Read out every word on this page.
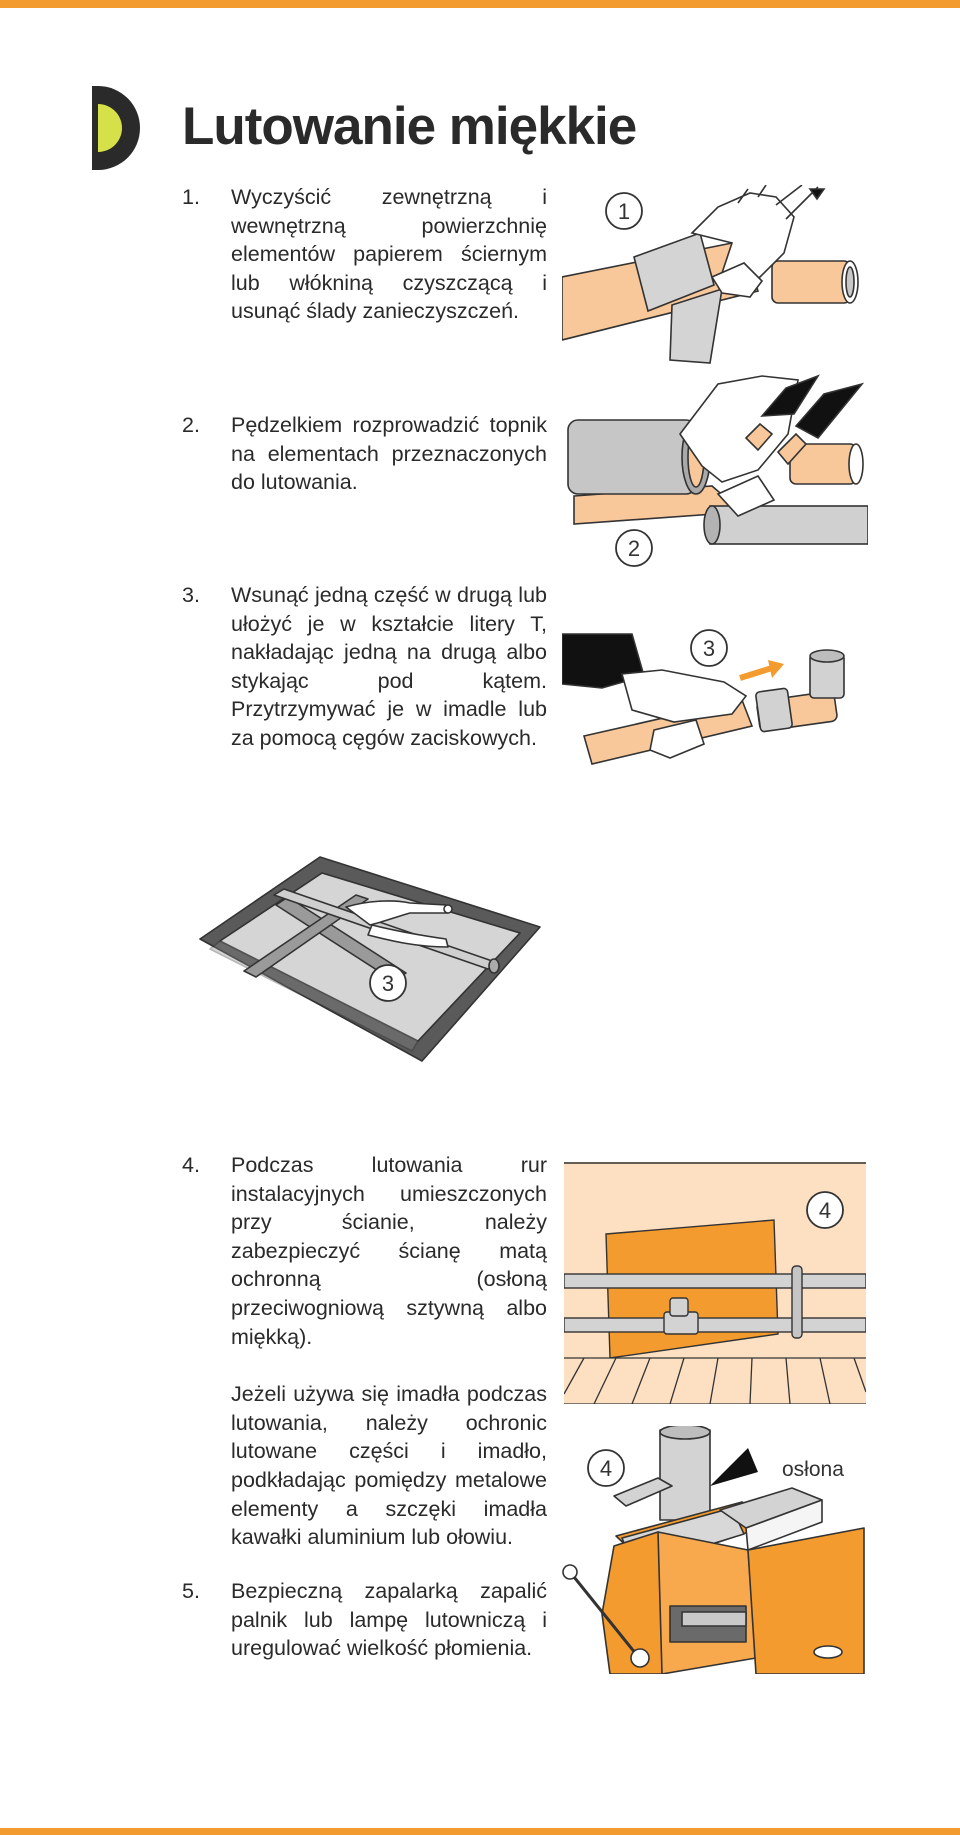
Lutowanie miękkie
1. Wyczyścić zewnętrzną i wewnętrzną powierzchnię elementów papierem ściernym lub włókniną czyszczącą i usunąć ślady zanieczyszczeń.
2. Pędzelkiem rozprowadzić topnik na elementach przeznaczonych do lutowania.
3. Wsunąć jedną część w drugą lub ułożyć je w kształcie litery T, nakładając jedną na drugą albo stykając pod kątem. Przytrzymywać je w imadle lub za pomocą cęgów zaciskowych.
4. Podczas lutowania rur instalacyjnych umieszczonych przy ścianie, należy zabezpieczyć ścianę matą ochronną (osłoną przeciwogniową sztywną albo miękką).
Jeżeli używa się imadła podczas lutowania, należy ochronic lutowane części i imadło, podkładając pomiędzy metalowe elementy a szczęki imadła kawałki aluminium lub ołowiu.
5. Bezpieczną zapalarką zapalić palnik lub lampę lutowniczą i uregulować wielkość płomienia.
1
2
3
3
4
4	osłona
